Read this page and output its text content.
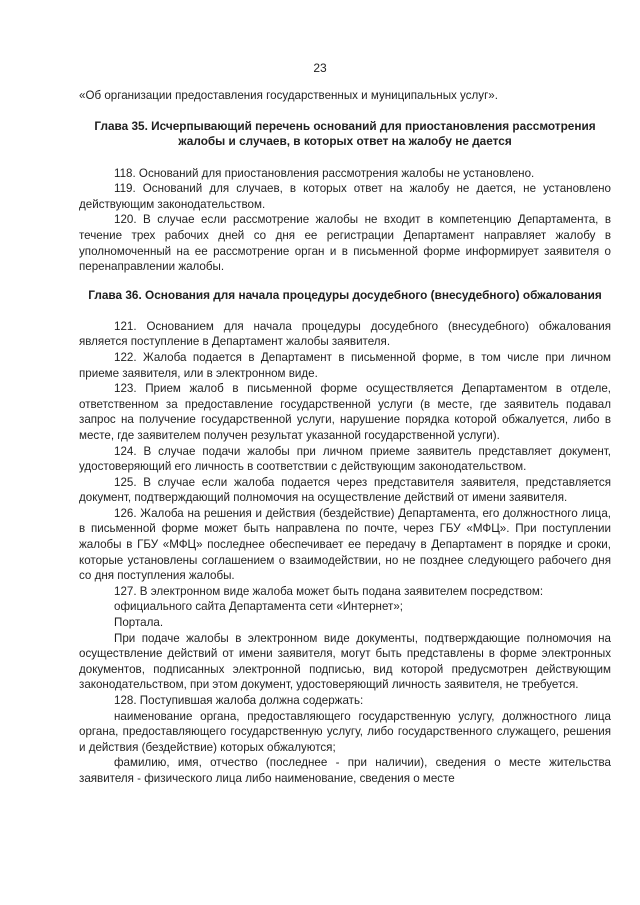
23

«Об организации предоставления государственных и муниципальных услуг».

Глава 35. Исчерпывающий перечень оснований для приостановления рассмотрения жалобы и случаев, в которых ответ на жалобу не дается

118. Оснований для приостановления рассмотрения жалобы не установлено.

119. Оснований для случаев, в которых ответ на жалобу не дается, не установлено действующим законодательством.

120. В случае если рассмотрение жалобы не входит в компетенцию Департамента, в течение трех рабочих дней со дня ее регистрации Департамент направляет жалобу в уполномоченный на ее рассмотрение орган и в письменной форме информирует заявителя о перенаправлении жалобы.

Глава 36. Основания для начала процедуры досудебного (внесудебного) обжалования

121. Основанием для начала процедуры досудебного (внесудебного) обжалования является поступление в Департамент жалобы заявителя.

122. Жалоба подается в Департамент в письменной форме, в том числе при личном приеме заявителя, или в электронном виде.

123. Прием жалоб в письменной форме осуществляется Департаментом в отделе, ответственном за предоставление государственной услуги (в месте, где заявитель подавал запрос на получение государственной услуги, нарушение порядка которой обжалуется, либо в месте, где заявителем получен результат указанной государственной услуги).

124. В случае подачи жалобы при личном приеме заявитель представляет документ, удостоверяющий его личность в соответствии с действующим законодательством.

125. В случае если жалоба подается через представителя заявителя, представляется документ, подтверждающий полномочия на осуществление действий от имени заявителя.

126. Жалоба на решения и действия (бездействие) Департамента, его должностного лица, в письменной форме может быть направлена по почте, через ГБУ «МФЦ». При поступлении жалобы в ГБУ «МФЦ» последнее обеспечивает ее передачу в Департамент в порядке и сроки, которые установлены соглашением о взаимодействии, но не позднее следующего рабочего дня со дня поступления жалобы.

127. В электронном виде жалоба может быть подана заявителем посредством:

официального сайта Департамента сети «Интернет»;

Портала.

При подаче жалобы в электронном виде документы, подтверждающие полномочия на осуществление действий от имени заявителя, могут быть представлены в форме электронных документов, подписанных электронной подписью, вид которой предусмотрен действующим законодательством, при этом документ, удостоверяющий личность заявителя, не требуется.

128. Поступившая жалоба должна содержать:

наименование органа, предоставляющего государственную услугу, должностного лица органа, предоставляющего государственную услугу, либо государственного служащего, решения и действия (бездействие) которых обжалуются;

фамилию, имя, отчество (последнее - при наличии), сведения о месте жительства заявителя - физического лица либо наименование, сведения о месте
